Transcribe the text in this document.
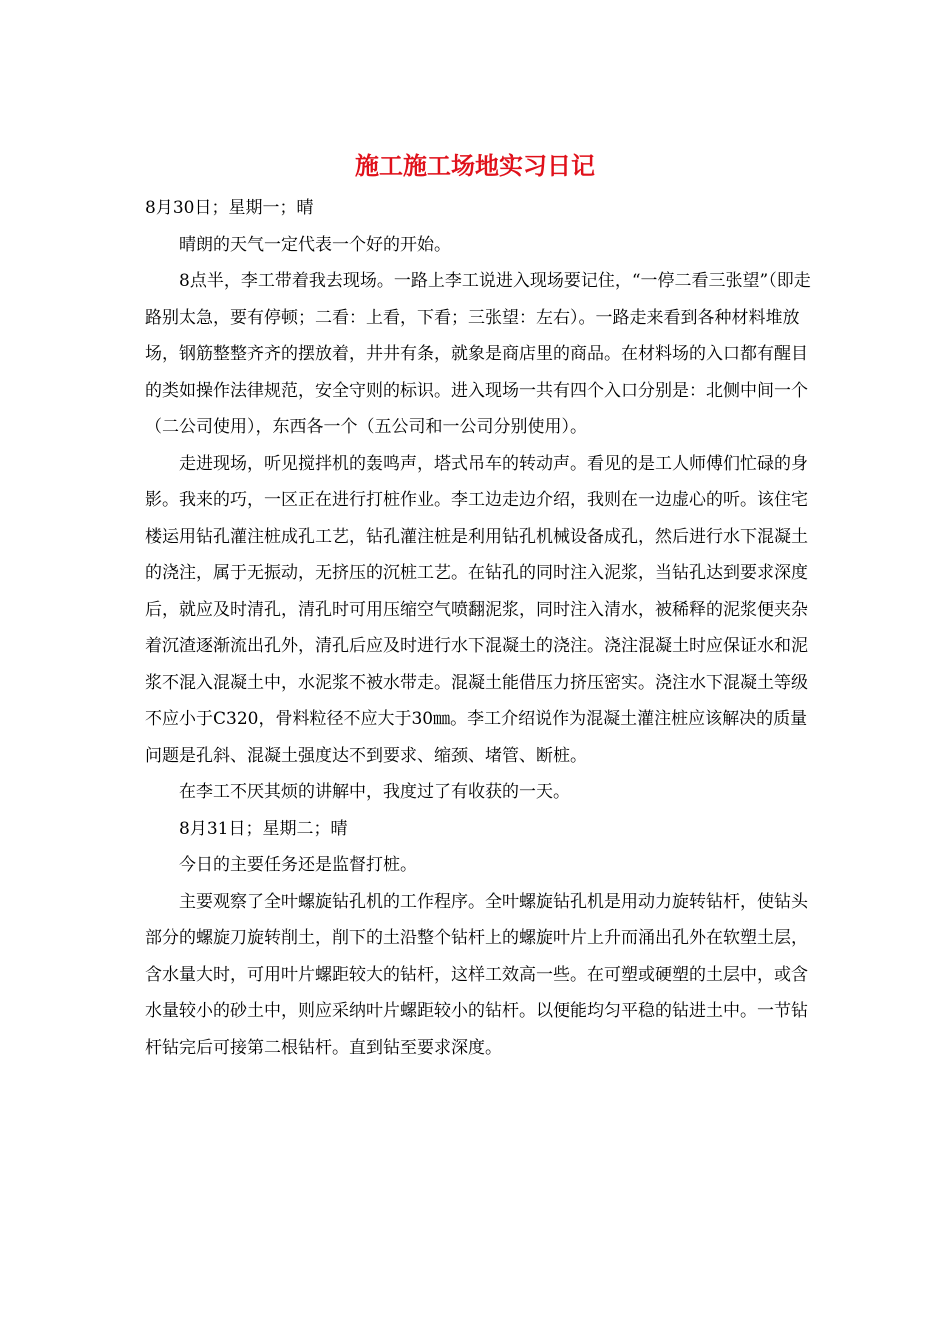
施工施工场地实习日记

8月30日；星期一；晴

晴朗的天气一定代表一个好的开始。

8点半，李工带着我去现场。一路上李工说进入现场要记住，“一停二看三张望”（即走路别太急，要有停顿；二看：上看，下看；三张望：左右）。一路走来看到各种材料堆放场，钢筋整整齐齐的摆放着，井井有条，就象是商店里的商品。在材料场的入口都有醒目的类如操作法律规范，安全守则的标识。进入现场一共有四个入口分别是：北侧中间一个（二公司使用），东西各一个（五公司和一公司分别使用）。

走进现场，听见搅拌机的轰鸣声，塔式吊车的转动声。看见的是工人师傅们忙碌的身影。我来的巧，一区正在进行打桩作业。李工边走边介绍，我则在一边虚心的听。该住宅楼运用钻孔灌注桩成孔工艺，钻孔灌注桩是利用钻孔机械设备成孔，然后进行水下混凝土的浇注，属于无振动，无挤压的沉桩工艺。在钻孔的同时注入泥浆，当钻孔达到要求深度后，就应及时清孔，清孔时可用压缩空气喷翻泥浆，同时注入清水，被稀释的泥浆便夹杂着沉渣逐渐流出孔外，清孔后应及时进行水下混凝土的浇注。浇注混凝土时应保证水和泥浆不混入混凝土中，水泥浆不被水带走。混凝土能借压力挤压密实。浇注水下混凝土等级不应小于C320，骨料粒径不应大于30㎜。李工介绍说作为混凝土灌注桩应该解决的质量问题是孔斜、混凝土强度达不到要求、缩颈、堵管、断桩。

在李工不厌其烦的讲解中，我度过了有收获的一天。

8月31日；星期二；晴

今日的主要任务还是监督打桩。

主要观察了全叶螺旋钻孔机的工作程序。全叶螺旋钻孔机是用动力旋转钻杆，使钻头部分的螺旋刀旋转削土，削下的土沿整个钻杆上的螺旋叶片上升而涌出孔外在软塑土层，含水量大时，可用叶片螺距较大的钻杆，这样工效高一些。在可塑或硬塑的土层中，或含水量较小的砂土中，则应采纳叶片螺距较小的钻杆。以便能均匀平稳的钻进土中。一节钻杆钻完后可接第二根钻杆。直到钻至要求深度。
